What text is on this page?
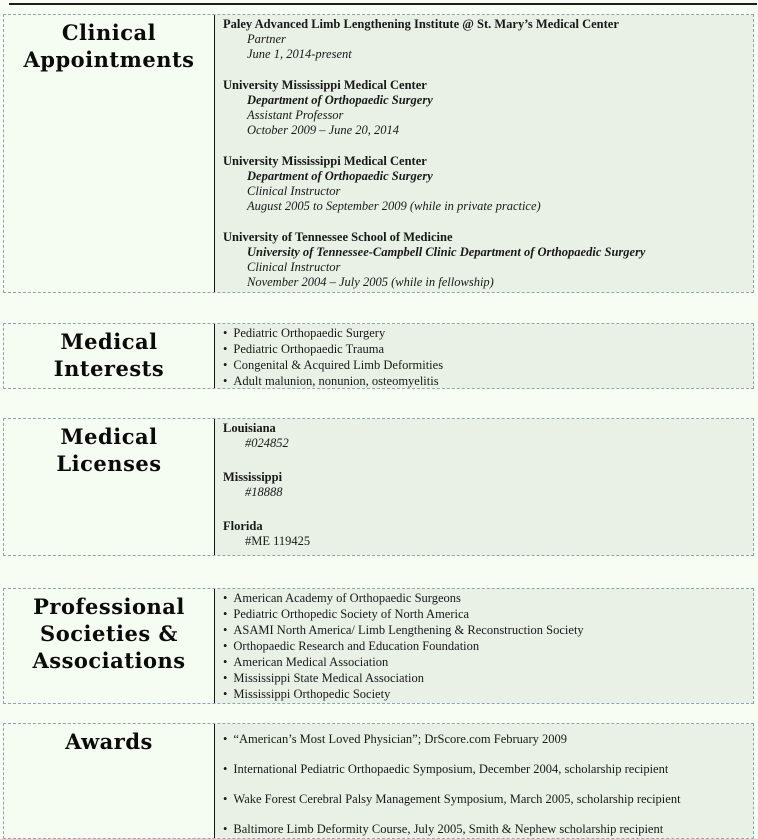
Clinical
Appointments
Paley Advanced Limb Lengthening Institute @ St. Mary’s Medical Center
Partner
June 1, 2014-present
University Mississippi Medical Center
Department of Orthopaedic Surgery
Assistant Professor
October 2009 – June 20, 2014
University Mississippi Medical Center
Department of Orthopaedic Surgery
Clinical Instructor
August 2005 to September 2009 (while in private practice)
University of Tennessee School of Medicine
University of Tennessee-Campbell Clinic Department of Orthopaedic Surgery
Clinical Instructor
November 2004 – July 2005 (while in fellowship)
Medical
Interests
• Pediatric Orthopaedic Surgery
• Pediatric Orthopaedic Trauma
• Congenital & Acquired Limb Deformities
• Adult malunion, nonunion, osteomyelitis
Medical
Licenses
Louisiana
#024852
Mississippi
#18888
Florida
#ME 119425
Professional
Societies &
Associations
• American Academy of Orthopaedic Surgeons
• Pediatric Orthopedic Society of North America
• ASAMI North America/ Limb Lengthening & Reconstruction Society
• Orthopaedic Research and Education Foundation
• American Medical Association
• Mississippi State Medical Association
• Mississippi Orthopedic Society
Awards	• “American’s Most Loved Physician”; DrScore.com February 2009
• International Pediatric Orthopaedic Symposium, December 2004, scholarship recipient
• Wake Forest Cerebral Palsy Management Symposium, March 2005, scholarship recipient
• Baltimore Limb Deformity Course, July 2005, Smith & Nephew scholarship recipient
